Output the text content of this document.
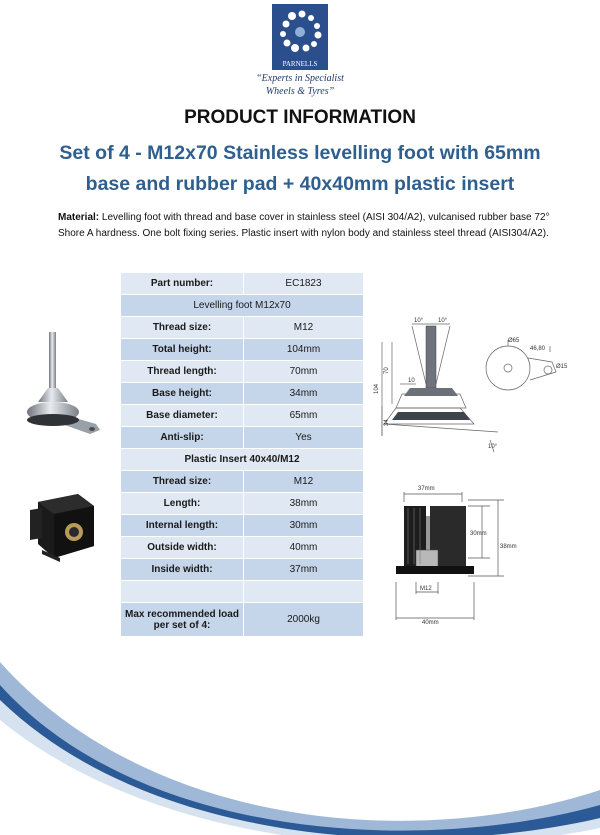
PARNELLS
“Experts in Specialist
Wheels & Tyres”
PRODUCT INFORMATION
Set of 4 - M12x70 Stainless levelling foot with 65mm
base and rubber pad + 40x40mm plastic insert
Material: Levelling foot with thread and base cover in stainless steel (AISI 304/A2), vulcanised rubber base 72° Shore A hardness. One bolt fixing series. Plastic insert with nylon body and stainless steel thread (AISI304/A2).
Part number:	EC1823
Levelling foot M12x70	
Thread size:	M12
Total height:	104mm
Thread length:	70mm
Base height:	34mm
Base diameter:	65mm
Anti-slip:	Yes
Plastic Insert 40x40/M12	
Thread size:	M12
Length:	38mm
Internal length:	30mm
Outside width:	40mm
Inside width:	37mm

Max recommended load
per set of 4:	2000kg
10° 10°
Ø65
46,80
Ø15
104
70
34
10
10°
37mm
30mm
38mm
M12
40mm
